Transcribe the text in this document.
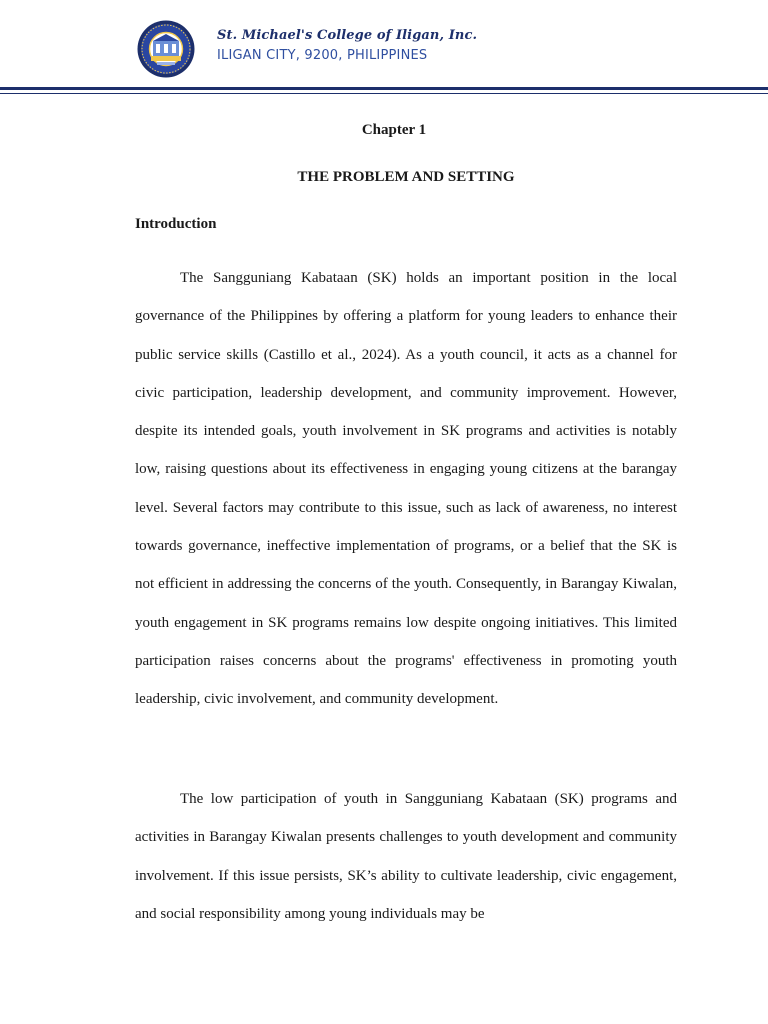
St. Michael's College of Iligan, Inc.
ILIGAN CITY, 9200, PHILIPPINES
Chapter 1
THE PROBLEM AND SETTING
Introduction

The Sangguniang Kabataan (SK) holds an important position in the local governance of the Philippines by offering a platform for young leaders to enhance their public service skills (Castillo et al., 2024). As a youth council, it acts as a channel for civic participation, leadership development, and community improvement. However, despite its intended goals, youth involvement in SK programs and activities is notably low, raising questions about its effectiveness in engaging young citizens at the barangay level. Several factors may contribute to this issue, such as lack of awareness, no interest towards governance, ineffective implementation of programs, or a belief that the SK is not efficient in addressing the concerns of the youth. Consequently, in Barangay Kiwalan, youth engagement in SK programs remains low despite ongoing initiatives. This limited participation raises concerns about the programs' effectiveness in promoting youth leadership, civic involvement, and community development.

The low participation of youth in Sangguniang Kabataan (SK) programs and activities in Barangay Kiwalan presents challenges to youth development and community involvement. If this issue persists, SK’s ability to cultivate leadership, civic engagement, and social responsibility among young individuals may be
